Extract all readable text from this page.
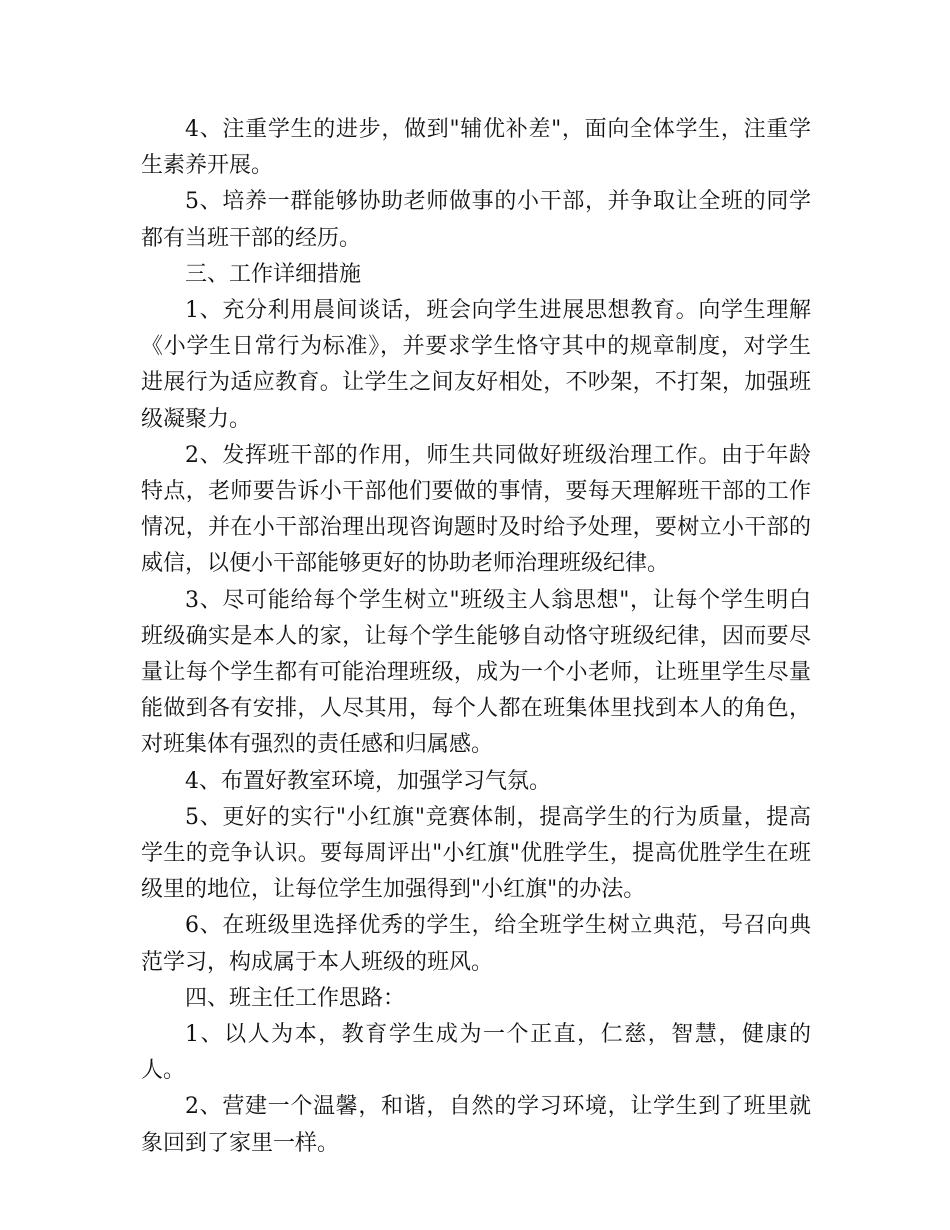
4、注重学生的进步，做到"辅优补差"，面向全体学生，注重学生素养开展。

5、培养一群能够协助老师做事的小干部，并争取让全班的同学都有当班干部的经历。

三、工作详细措施

1、充分利用晨间谈话，班会向学生进展思想教育。向学生理解《小学生日常行为标准》，并要求学生恪守其中的规章制度，对学生进展行为适应教育。让学生之间友好相处，不吵架，不打架，加强班级凝聚力。

2、发挥班干部的作用，师生共同做好班级治理工作。由于年龄特点，老师要告诉小干部他们要做的事情，要每天理解班干部的工作情况，并在小干部治理出现咨询题时及时给予处理，要树立小干部的威信，以便小干部能够更好的协助老师治理班级纪律。

3、尽可能给每个学生树立"班级主人翁思想"，让每个学生明白班级确实是本人的家，让每个学生能够自动恪守班级纪律，因而要尽量让每个学生都有可能治理班级，成为一个小老师，让班里学生尽量能做到各有安排，人尽其用，每个人都在班集体里找到本人的角色，对班集体有强烈的责任感和归属感。

4、布置好教室环境，加强学习气氛。

5、更好的实行"小红旗"竞赛体制，提高学生的行为质量，提高学生的竞争认识。要每周评出"小红旗"优胜学生，提高优胜学生在班级里的地位，让每位学生加强得到"小红旗"的办法。

6、在班级里选择优秀的学生，给全班学生树立典范，号召向典范学习，构成属于本人班级的班风。

四、班主任工作思路：

1、以人为本，教育学生成为一个正直，仁慈，智慧，健康的人。

2、营建一个温馨，和谐，自然的学习环境，让学生到了班里就象回到了家里一样。
